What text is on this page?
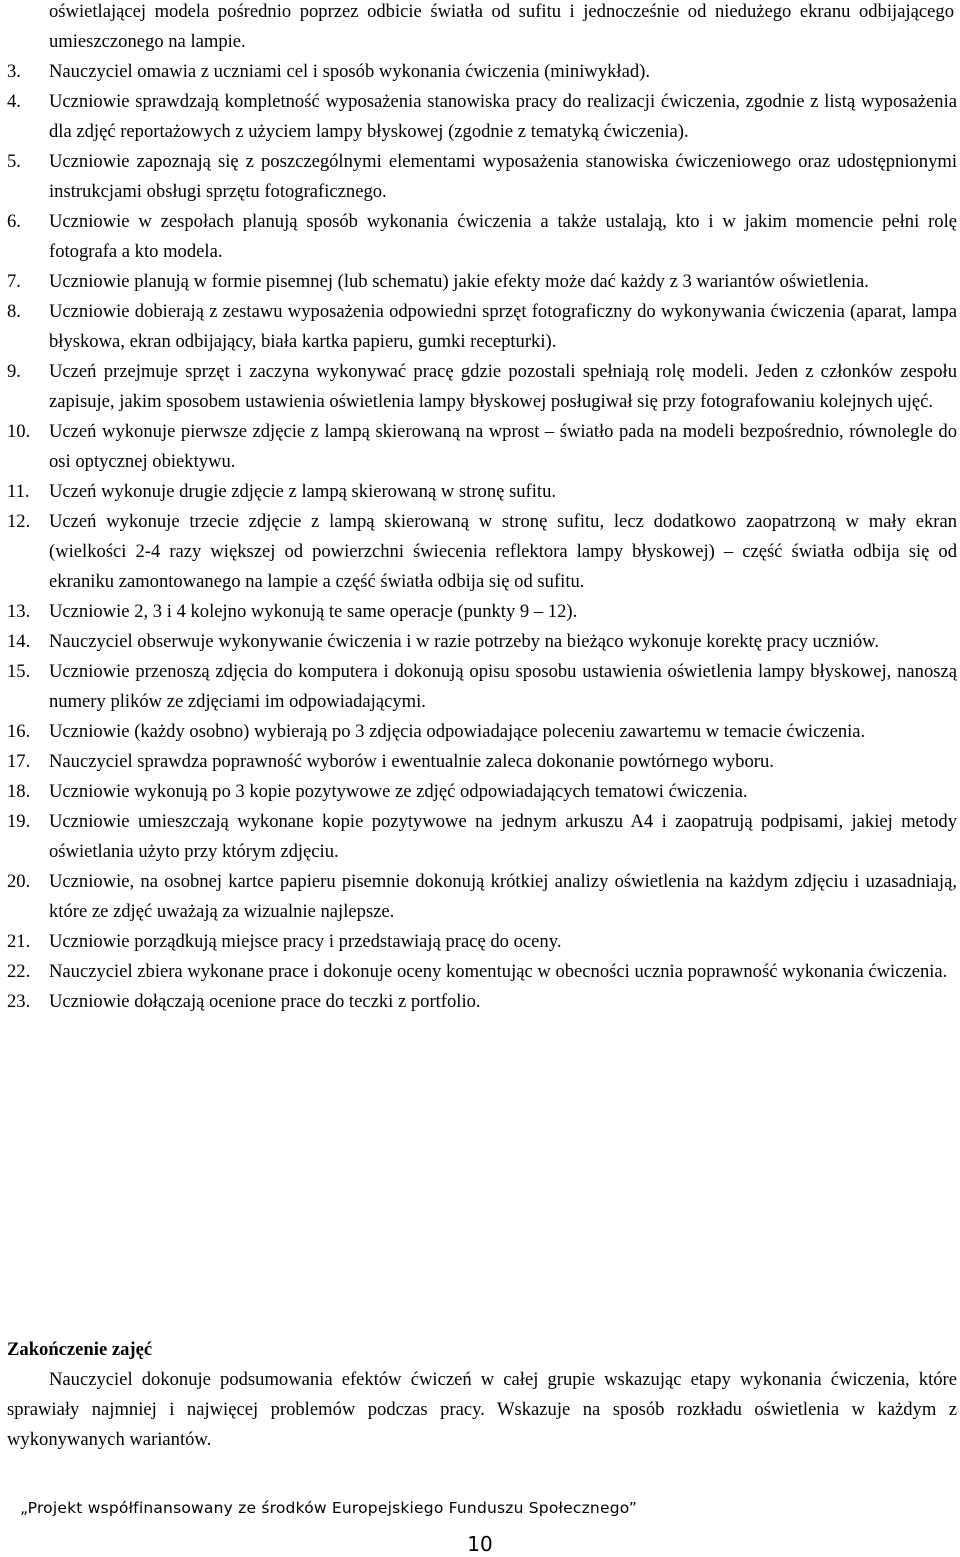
oświetlającej modela pośrednio poprzez odbicie światła od sufitu i jednocześnie od niedużego ekranu odbijającego umieszczonego na lampie.

3. Nauczyciel omawia z uczniami cel i sposób wykonania ćwiczenia (miniwykład).
4. Uczniowie sprawdzają kompletność wyposażenia stanowiska pracy do realizacji ćwiczenia, zgodnie z listą wyposażenia dla zdjęć reportażowych z użyciem lampy błyskowej (zgodnie z tematyką ćwiczenia).
5. Uczniowie zapoznają się z poszczególnymi elementami wyposażenia stanowiska ćwiczeniowego oraz udostępnionymi instrukcjami obsługi sprzętu fotograficznego.
6. Uczniowie w zespołach planują sposób wykonania ćwiczenia a także ustalają, kto i w jakim momencie pełni rolę fotografa a kto modela.
7. Uczniowie planują w formie pisemnej (lub schematu) jakie efekty może dać każdy z 3 wariantów oświetlenia.
8. Uczniowie dobierają z zestawu wyposażenia odpowiedni sprzęt fotograficzny do wykonywania ćwiczenia (aparat, lampa błyskowa, ekran odbijający, biała kartka papieru, gumki recepturki).
9. Uczeń przejmuje sprzęt i zaczyna wykonywać pracę gdzie pozostali spełniają rolę modeli. Jeden z członków zespołu zapisuje, jakim sposobem ustawienia oświetlenia lampy błyskowej posługiwał się przy fotografowaniu kolejnych ujęć.
10. Uczeń wykonuje pierwsze zdjęcie z lampą skierowaną na wprost – światło pada na modeli bezpośrednio, równolegle do osi optycznej obiektywu.
11. Uczeń wykonuje drugie zdjęcie z lampą skierowaną w stronę sufitu.
12. Uczeń wykonuje trzecie zdjęcie z lampą skierowaną w stronę sufitu, lecz dodatkowo zaopatrzoną w mały ekran (wielkości 2-4 razy większej od powierzchni świecenia reflektora lampy błyskowej) – część światła odbija się od ekraniku zamontowanego na lampie a część światła odbija się od sufitu.
13. Uczniowie 2, 3 i 4 kolejno wykonują te same operacje (punkty 9 – 12).
14. Nauczyciel obserwuje wykonywanie ćwiczenia i w razie potrzeby na bieżąco wykonuje korektę pracy uczniów.
15. Uczniowie przenoszą zdjęcia do komputera i dokonują opisu sposobu ustawienia oświetlenia lampy błyskowej, nanoszą numery plików ze zdjęciami im odpowiadającymi.
16. Uczniowie (każdy osobno) wybierają po 3 zdjęcia odpowiadające poleceniu zawartemu w temacie ćwiczenia.
17. Nauczyciel sprawdza poprawność wyborów i ewentualnie zaleca dokonanie powtórnego wyboru.
18. Uczniowie wykonują po 3 kopie pozytywowe ze zdjęć odpowiadających tematowi ćwiczenia.
19. Uczniowie umieszczają wykonane kopie pozytywowe na jednym arkuszu A4 i zaopatrują podpisami, jakiej metody oświetlania użyto przy którym zdjęciu.
20. Uczniowie, na osobnej kartce papieru pisemnie dokonują krótkiej analizy oświetlenia na każdym zdjęciu i uzasadniają, które ze zdjęć uważają za wizualnie najlepsze.
21. Uczniowie porządkują miejsce pracy i przedstawiają pracę do oceny.
22. Nauczyciel zbiera wykonane prace i dokonuje oceny komentując w obecności ucznia poprawność wykonania ćwiczenia.
23. Uczniowie dołączają ocenione prace do teczki z portfolio.

Zakończenie zajęć

Nauczyciel dokonuje podsumowania efektów ćwiczeń w całej grupie wskazując etapy wykonania ćwiczenia, które sprawiały najmniej i najwięcej problemów podczas pracy. Wskazuje na sposób rozkładu oświetlenia w każdym z wykonywanych wariantów.

„Projekt współfinansowany ze środków Europejskiego Funduszu Społecznego”
10
